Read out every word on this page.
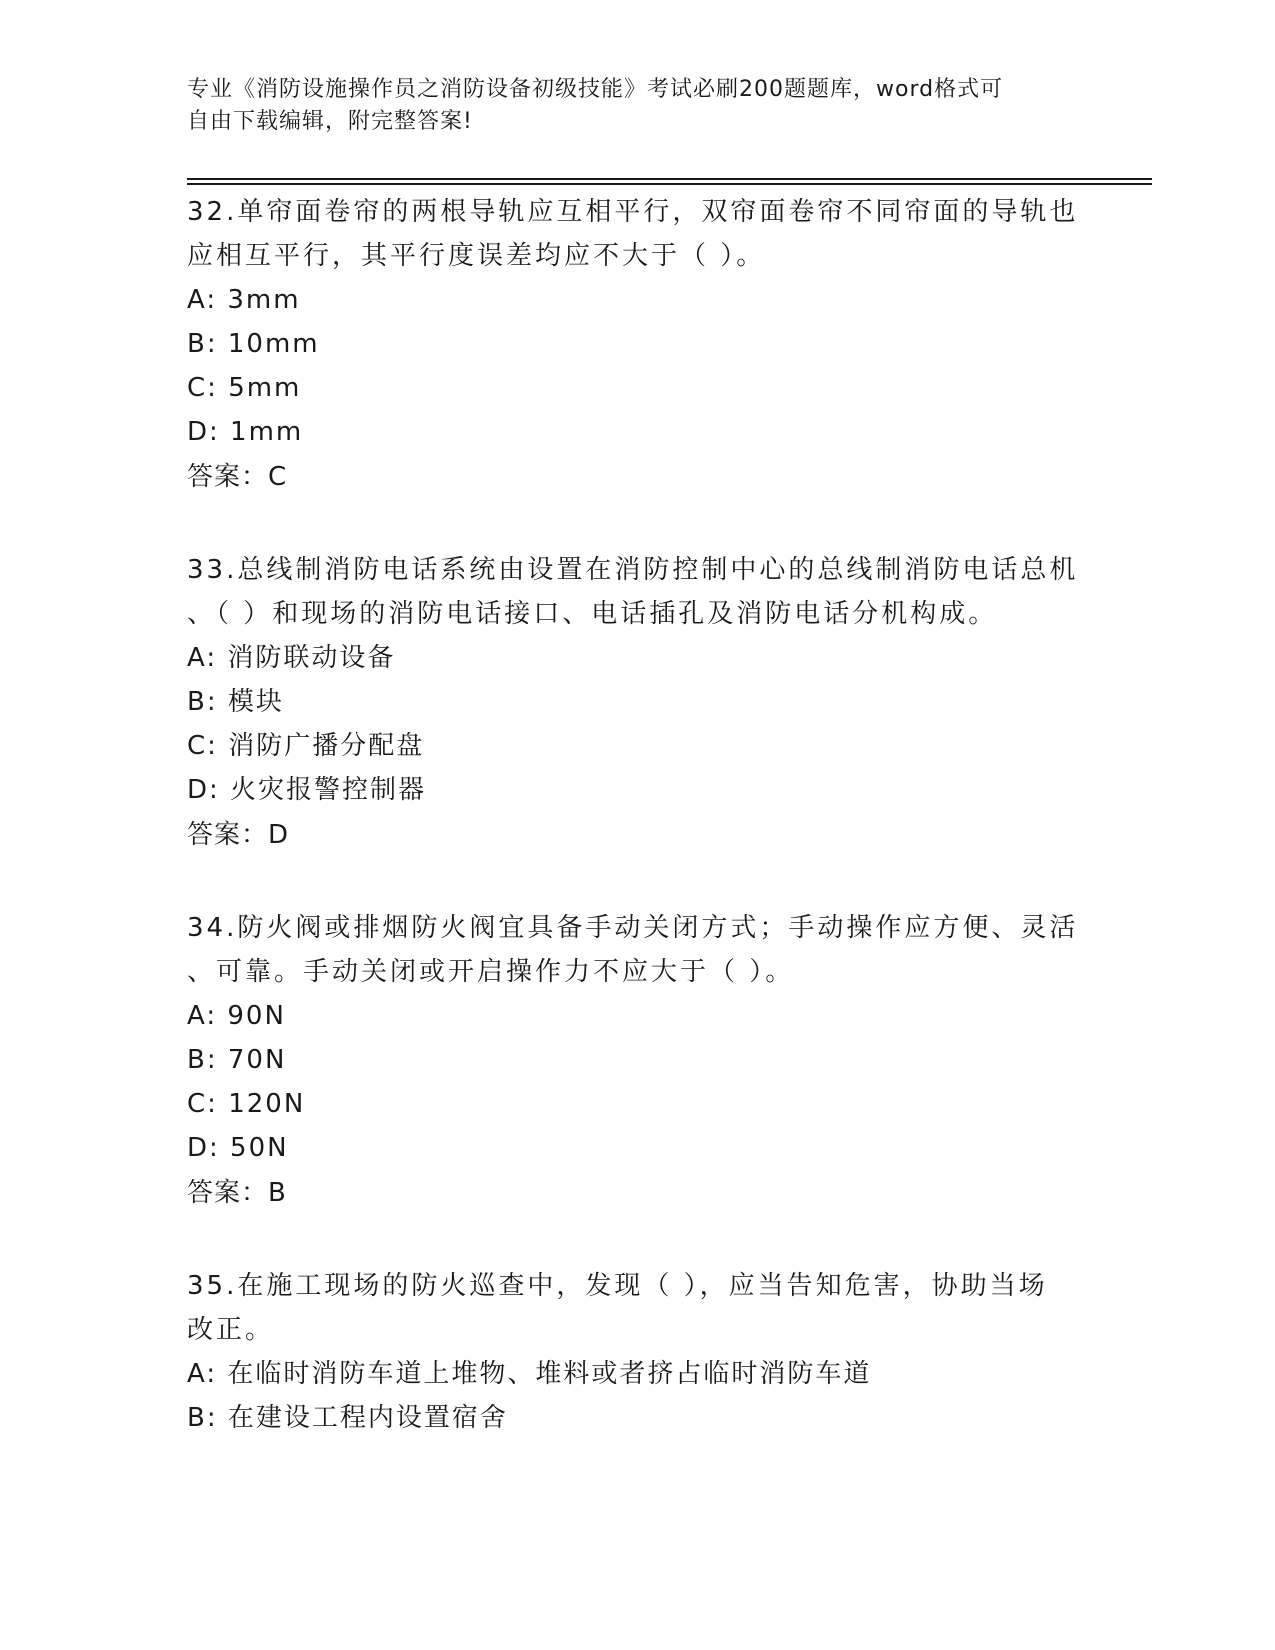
专业《消防设施操作员之消防设备初级技能》考试必刷200题题库，word格式可
自由下载编辑，附完整答案!

32.单帘面卷帘的两根导轨应互相平行，双帘面卷帘不同帘面的导轨也
应相互平行，其平行度误差均应不大于（ ）。

A: 3mm

B: 10mm

C: 5mm

D: 1mm

答案：C

33.总线制消防电话系统由设置在消防控制中心的总线制消防电话总机
、（ ）和现场的消防电话接口、电话插孔及消防电话分机构成。

A: 消防联动设备

B: 模块

C: 消防广播分配盘

D: 火灾报警控制器

答案：D

34.防火阀或排烟防火阀宜具备手动关闭方式；手动操作应方便、灵活
、可靠。手动关闭或开启操作力不应大于（ ）。

A: 90N

B: 70N

C: 120N

D: 50N

答案：B

35.在施工现场的防火巡查中，发现（ ），应当告知危害，协助当场
改正。

A: 在临时消防车道上堆物、堆料或者挤占临时消防车道

B: 在建设工程内设置宿舍
